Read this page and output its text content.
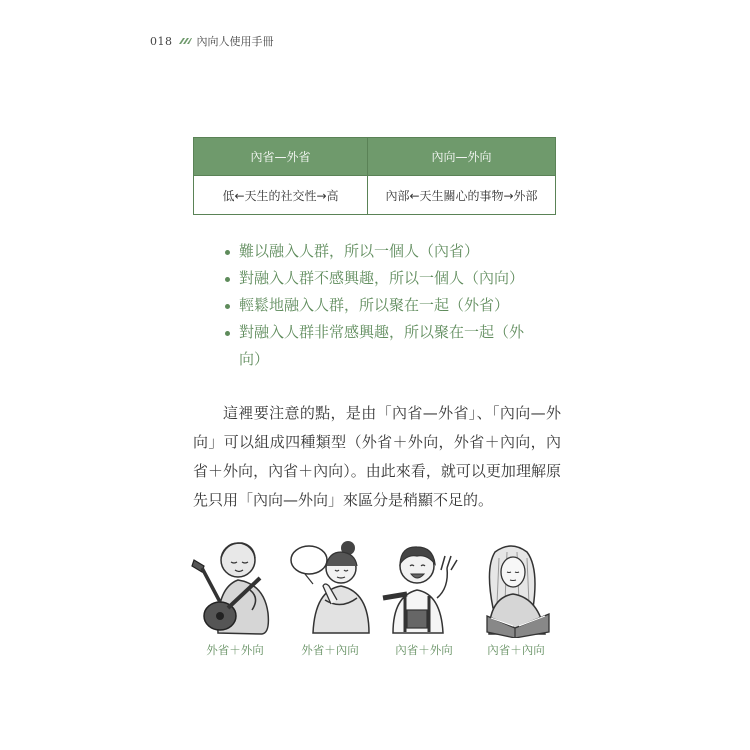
018 內向人使用手冊
內省—外省	內向—外向
低←天生的社交性→高	內部←天生關心的事物→外部
難以融入人群，所以一個人（內省）
對融入人群不感興趣，所以一個人（內向）
輕鬆地融入人群，所以聚在一起（外省）
對融入人群非常感興趣，所以聚在一起（外向）

這裡要注意的點，是由「內省—外省」、「內向—外向」可以組成四種類型（外省＋外向，外省＋內向，內省＋外向，內省＋內向）。由此來看，就可以更加理解原先只用「內向—外向」來區分是稍顯不足的。

外省＋外向	外省＋內向	內省＋外向	內省＋內向
